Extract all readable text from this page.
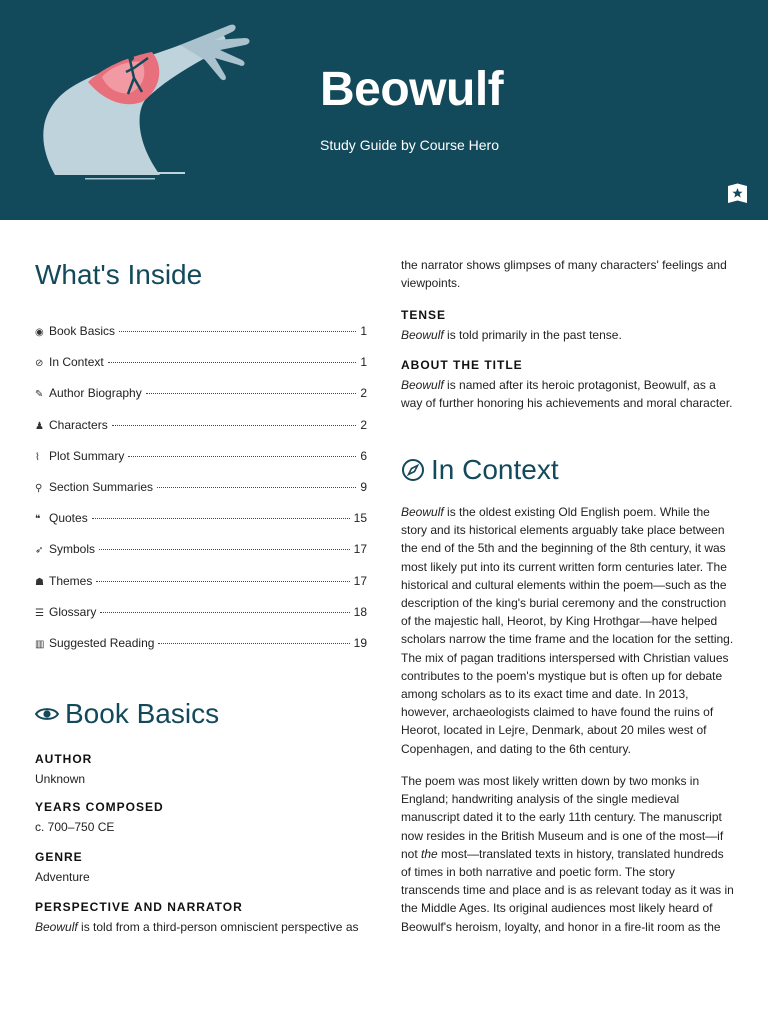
Beowulf
Study Guide by Course Hero
What's Inside
◉ Book Basics	1
⊘ In Context	1
✎ Author Biography	2
♟ Characters	2
⌇ Plot Summary	6
⚲ Section Summaries	9
❝ Quotes	15
➶ Symbols	17
☗ Themes	17
☰ Glossary	18
▥ Suggested Reading	19
Book Basics
AUTHOR
Unknown
YEARS COMPOSED
c. 700–750 CE
GENRE
Adventure
PERSPECTIVE AND NARRATOR
Beowulf is told from a third-person omniscient perspective as
the narrator shows glimpses of many characters' feelings and viewpoints.
TENSE
Beowulf is told primarily in the past tense.
ABOUT THE TITLE
Beowulf is named after its heroic protagonist, Beowulf, as a way of further honoring his achievements and moral character.
In Context
Beowulf is the oldest existing Old English poem. While the story and its historical elements arguably take place between the end of the 5th and the beginning of the 8th century, it was most likely put into its current written form centuries later. The historical and cultural elements within the poem—such as the description of the king's burial ceremony and the construction of the majestic hall, Heorot, by King Hrothgar—have helped scholars narrow the time frame and the location for the setting. The mix of pagan traditions interspersed with Christian values contributes to the poem's mystique but is often up for debate among scholars as to its exact time and date. In 2013, however, archaeologists claimed to have found the ruins of Heorot, located in Lejre, Denmark, about 20 miles west of Copenhagen, and dating to the 6th century.
The poem was most likely written down by two monks in England; handwriting analysis of the single medieval manuscript dated it to the early 11th century. The manuscript now resides in the British Museum and is one of the most—if not the most—translated texts in history, translated hundreds of times in both narrative and poetic form. The story transcends time and place and is as relevant today as it was in the Middle Ages. Its original audiences most likely heard of Beowulf's heroism, loyalty, and honor in a fire-lit room as the
